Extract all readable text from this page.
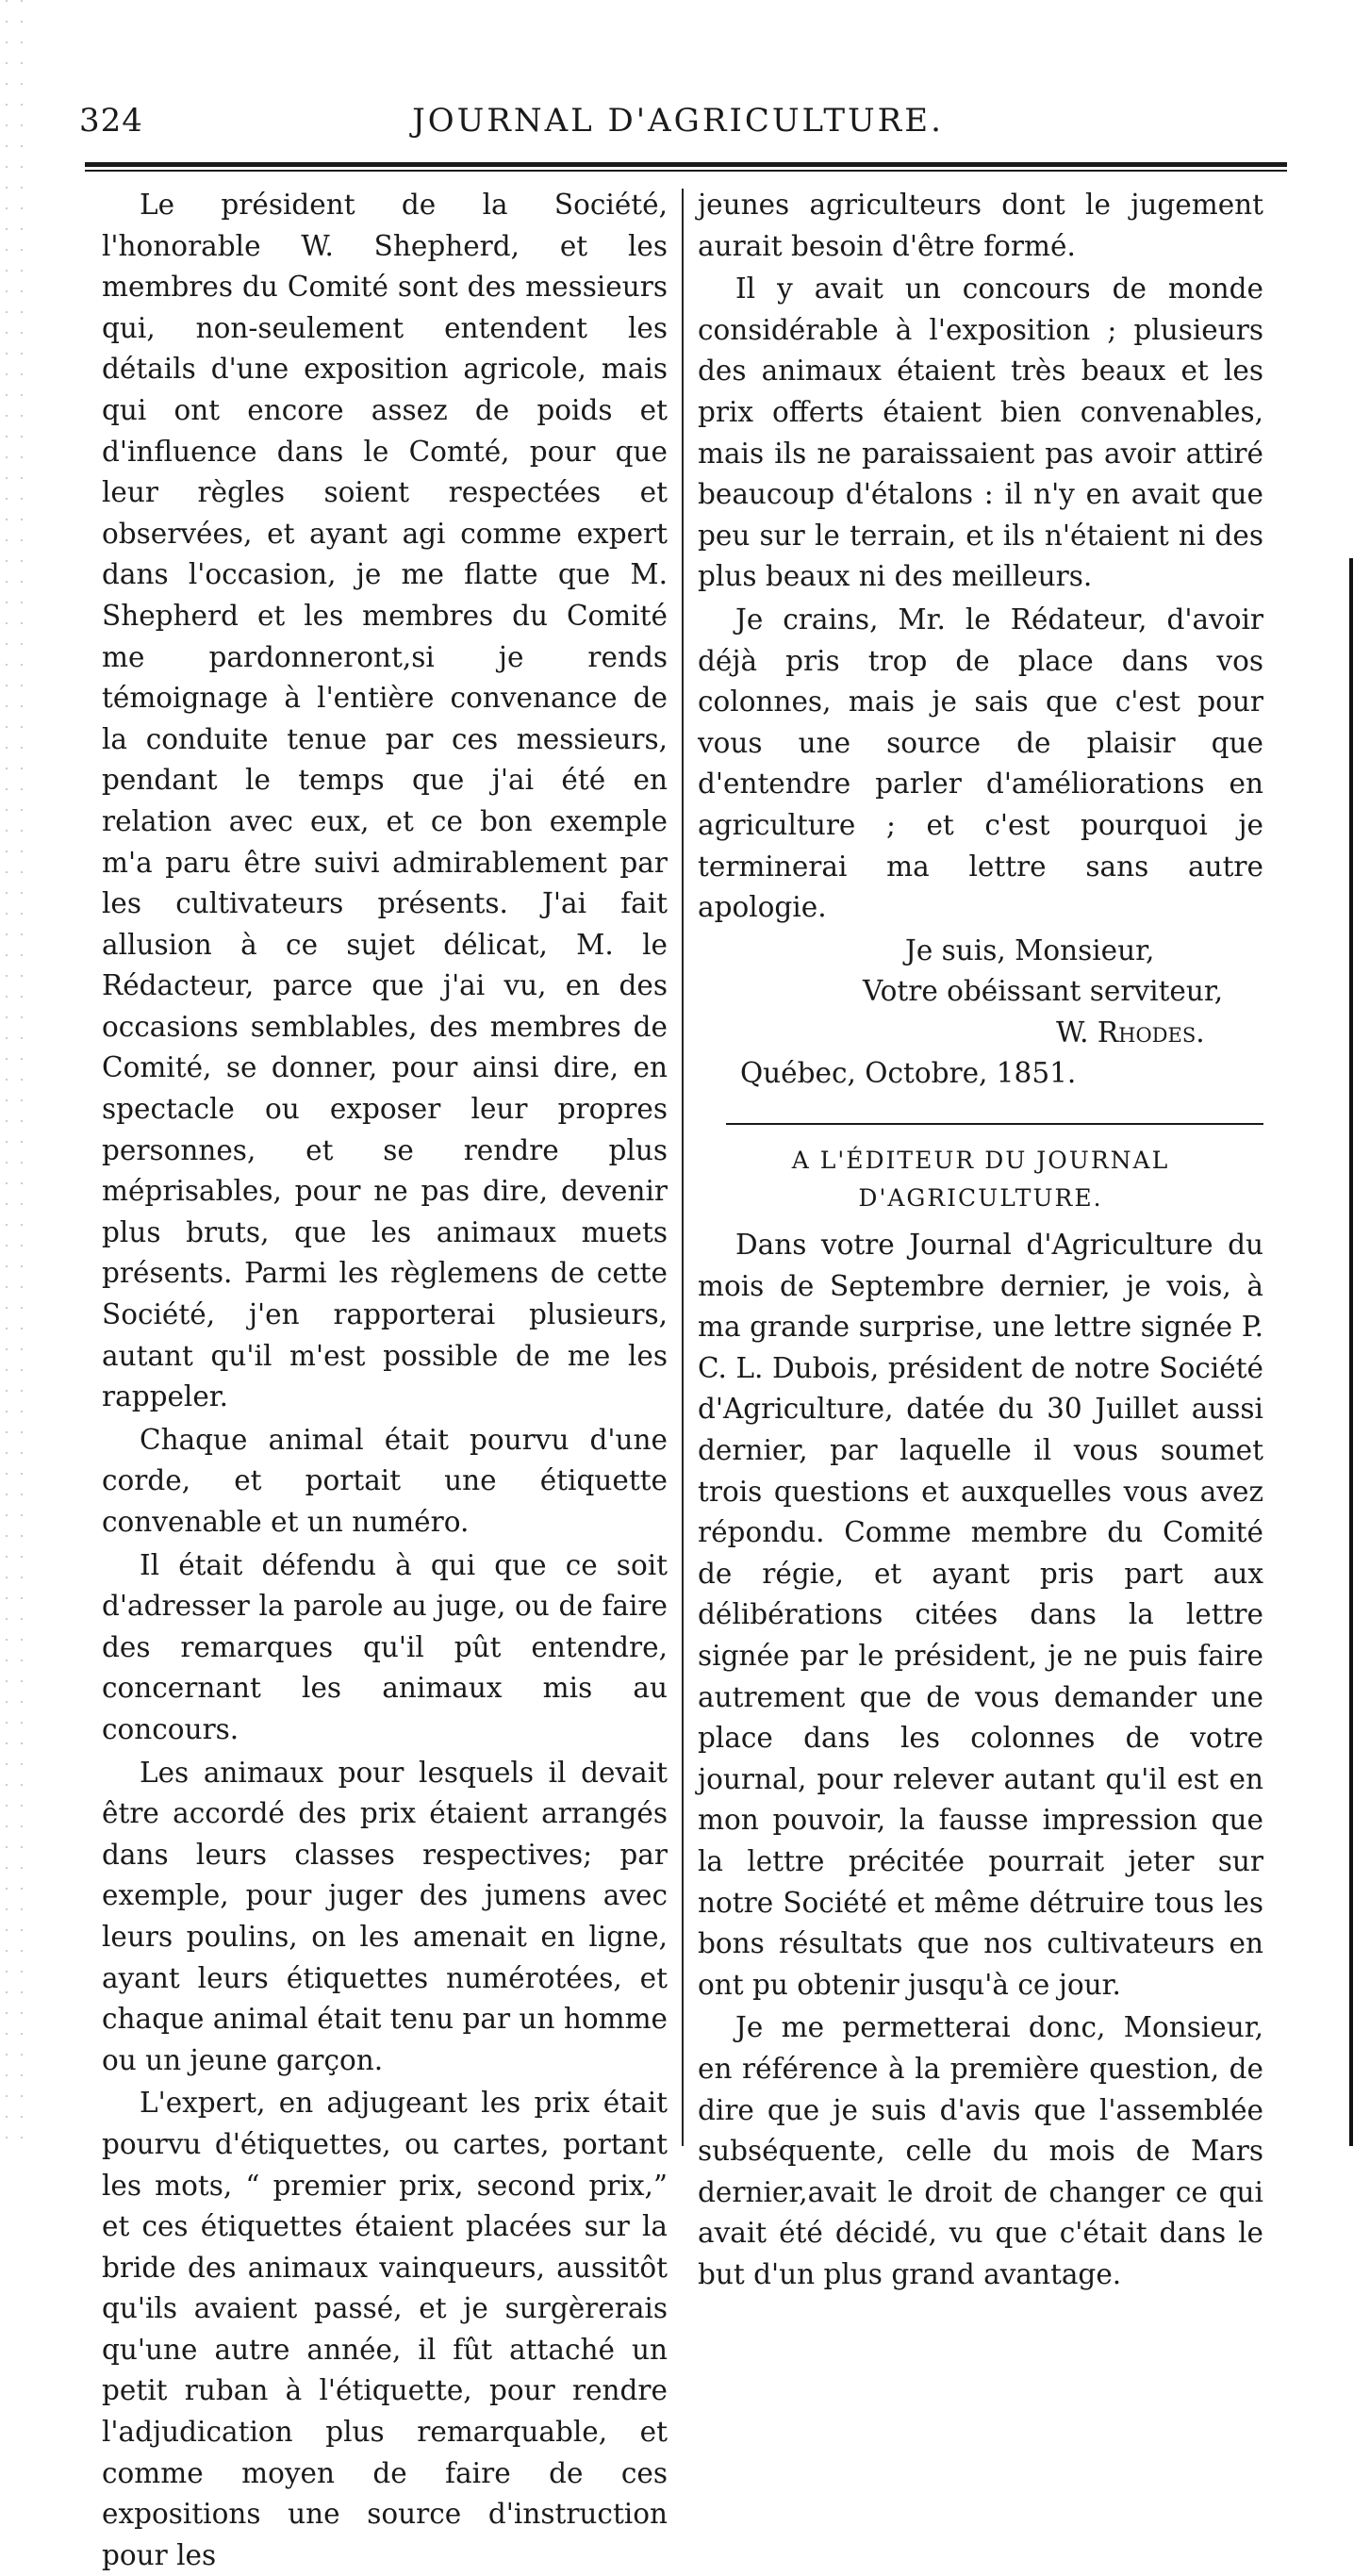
324	JOURNAL D'AGRICULTURE.

Le président de la Société, l'honorable W. Shepherd, et les membres du Comité sont des messieurs qui, non-seulement entendent les détails d'une exposition agricole, mais qui ont encore assez de poids et d'influence dans le Comté, pour que leur règles soient respectées et observées, et ayant agi comme expert dans l'occasion, je me flatte que M. Shepherd et les membres du Comité me pardonneront,si je rends témoignage à l'entière convenance de la conduite tenue par ces messieurs, pendant le temps que j'ai été en relation avec eux, et ce bon exemple m'a paru être suivi admirablement par les cultivateurs présents. J'ai fait allusion à ce sujet délicat, M. le Rédacteur, parce que j'ai vu, en des occasions semblables, des membres de Comité, se donner, pour ainsi dire, en spectacle ou exposer leur propres personnes, et se rendre plus méprisables, pour ne pas dire, devenir plus bruts, que les animaux muets présents. Parmi les règlemens de cette Société, j'en rapporterai plusieurs, autant qu'il m'est possible de me les rappeler.

Chaque animal était pourvu d'une corde, et portait une étiquette convenable et un numéro.

Il était défendu à qui que ce soit d'adresser la parole au juge, ou de faire des remarques qu'il pût entendre, concernant les animaux mis au concours.

Les animaux pour lesquels il devait être accordé des prix étaient arrangés dans leurs classes respectives; par exemple, pour juger des jumens avec leurs poulins, on les amenait en ligne, ayant leurs étiquettes numérotées, et chaque animal était tenu par un homme ou un jeune garçon.

L'expert, en adjugeant les prix était pourvu d'étiquettes, ou cartes, portant les mots, “ premier prix, second prix,” et ces étiquettes étaient placées sur la bride des animaux vainqueurs, aussitôt qu'ils avaient passé, et je surgèrerais qu'une autre année, il fût attaché un petit ruban à l'étiquette, pour rendre l'adjudication plus remarquable, et comme moyen de faire de ces expositions une source d'instruction pour les

jeunes agriculteurs dont le jugement aurait besoin d'être formé.

Il y avait un concours de monde considérable à l'exposition ; plusieurs des animaux étaient très beaux et les prix offerts étaient bien convenables, mais ils ne paraissaient pas avoir attiré beaucoup d'étalons : il n'y en avait que peu sur le terrain, et ils n'étaient ni des plus beaux ni des meilleurs.

Je crains, Mr. le Rédateur, d'avoir déjà pris trop de place dans vos colonnes, mais je sais que c'est pour vous une source de plaisir que d'entendre parler d'améliorations en agriculture ; et c'est pourquoi je terminerai ma lettre sans autre apologie.

Je suis, Monsieur,
Votre obéissant serviteur,
W. Rhodes.
Québec, Octobre, 1851.

A L'ÉDITEUR DU JOURNAL D'AGRICULTURE.

Dans votre Journal d'Agriculture du mois de Septembre dernier, je vois, à ma grande surprise, une lettre signée P. C. L. Dubois, président de notre Société d'Agriculture, datée du 30 Juillet aussi dernier, par laquelle il vous soumet trois questions et auxquelles vous avez répondu. Comme membre du Comité de régie, et ayant pris part aux délibérations citées dans la lettre signée par le président, je ne puis faire autrement que de vous demander une place dans les colonnes de votre journal, pour relever autant qu'il est en mon pouvoir, la fausse impression que la lettre précitée pourrait jeter sur notre Société et même détruire tous les bons résultats que nos cultivateurs en ont pu obtenir jusqu'à ce jour.

Je me permetterai donc, Monsieur, en référence à la première question, de dire que je suis d'avis que l'assemblée subséquente, celle du mois de Mars dernier,avait le droit de changer ce qui avait été décidé, vu que c'était dans le but d'un plus grand avantage.
